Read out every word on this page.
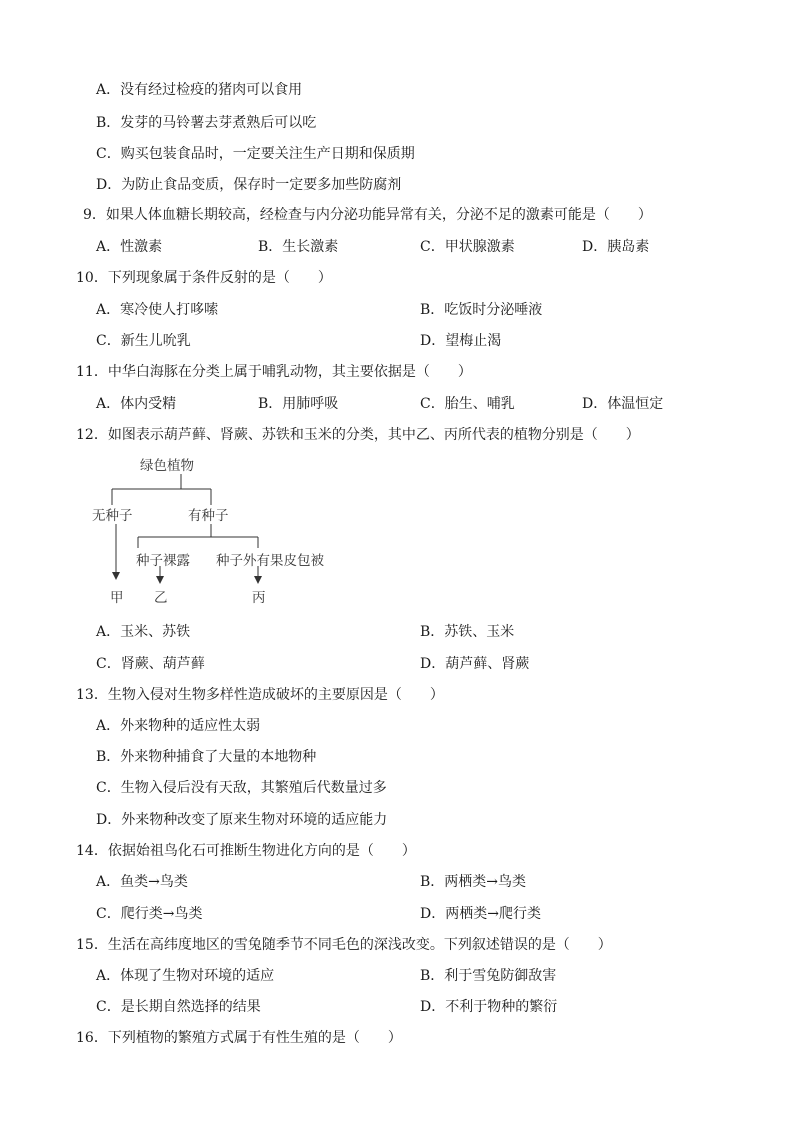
A．没有经过检疫的猪肉可以食用
B．发芽的马铃薯去芽煮熟后可以吃
C．购买包装食品时，一定要关注生产日期和保质期
D．为防止食品变质，保存时一定要多加些防腐剂
9．如果人体血糖长期较高，经检查与内分泌功能异常有关，分泌不足的激素可能是（　　）
A．性激素	B．生长激素	C．甲状腺激素	D．胰岛素
10．下列现象属于条件反射的是（　　）
A．寒冷使人打哆嗦	B．吃饭时分泌唾液
C．新生儿吮乳	D．望梅止渴
11．中华白海豚在分类上属于哺乳动物，其主要依据是（　　）
A．体内受精	B．用肺呼吸	C．胎生、哺乳	D．体温恒定
12．如图表示葫芦藓、肾蕨、苏铁和玉米的分类，其中乙、丙所代表的植物分别是（　　）
绿色植物
无种子	有种子
种子裸露 种子外有果皮包被
甲 乙	丙
A．玉米、苏铁	B．苏铁、玉米
C．肾蕨、葫芦藓	D．葫芦藓、肾蕨
13．生物入侵对生物多样性造成破坏的主要原因是（　　）
A．外来物种的适应性太弱
B．外来物种捕食了大量的本地物种
C．生物入侵后没有天敌，其繁殖后代数量过多
D．外来物种改变了原来生物对环境的适应能力
14．依据始祖鸟化石可推断生物进化方向的是（　　）
A．鱼类→鸟类	B．两栖类→鸟类
C．爬行类→鸟类	D．两栖类→爬行类
15．生活在高纬度地区的雪兔随季节不同毛色的深浅改变。下列叙述错误的是（　　）
A．体现了生物对环境的适应	B．利于雪兔防御敌害
C．是长期自然选择的结果	D．不利于物种的繁衍
16．下列植物的繁殖方式属于有性生殖的是（　　）
